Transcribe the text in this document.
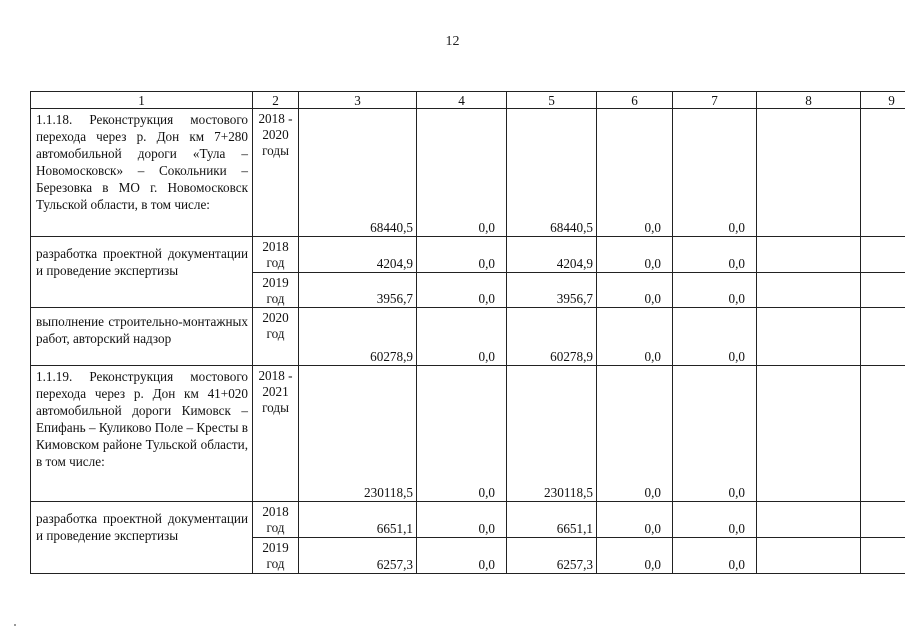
12
1	2	3	4	5	6	7	8	9
1.1.18. Реконструкция мостового перехода через р. Дон км 7+280 автомобильной дороги «Тула – Новомосковск» – Сокольники – Березовка в МО г. Новомосковск Тульской области, в том числе:	2018 - 2020 годы	68440,5	0,0	68440,5	0,0	0,0		
разработка проектной документации и проведение экспертизы	2018 год	4204,9	0,0	4204,9	0,0	0,0		
	2019 год	3956,7	0,0	3956,7	0,0	0,0		
выполнение строительно-монтажных работ, авторский надзор	2020 год	60278,9	0,0	60278,9	0,0	0,0		
1.1.19. Реконструкция мостового перехода через р. Дон км 41+020 автомобильной дороги Кимовск – Епифань – Куликово Поле – Кресты в Кимовском районе Тульской области, в том числе:	2018 - 2021 годы	230118,5	0,0	230118,5	0,0	0,0		
разработка проектной документации и проведение экспертизы	2018 год	6651,1	0,0	6651,1	0,0	0,0		
	2019 год	6257,3	0,0	6257,3	0,0	0,0		
